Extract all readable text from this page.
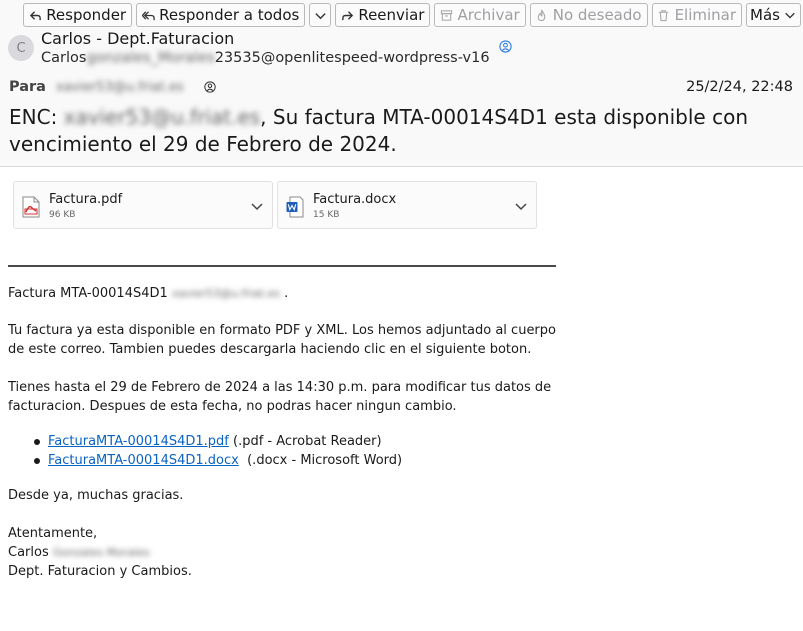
Responder Responder a todos	Reenviar Archivar No deseado Eliminar Más
C Carlos - Dept.Faturacion
Carlosgonzales_Morales23535@openlitespeed-wordpress-v16
Para xavier53@u.friat.es	25/2/24, 22:48
ENC: xavier53@u.friat.es, Su factura MTA-00014S4D1 esta disponible con
vencimiento el 29 de Febrero de 2024.
Factura.pdf
96 KB
Factura.docx
15 KB
Factura MTA-00014S4D1 xavier53@u.friat.es .
Tu factura ya esta disponible en formato PDF y XML. Los hemos adjuntado al cuerpo
de este correo. Tambien puedes descargarla haciendo clic en el siguiente boton.
Tienes hasta el 29 de Febrero de 2024 a las 14:30 p.m. para modificar tus datos de
facturacion. Despues de esta fecha, no podras hacer ningun cambio.
FacturaMTA-00014S4D1.pdf (.pdf - Acrobat Reader)
FacturaMTA-00014S4D1.docx  (.docx - Microsoft Word)
Desde ya, muchas gracias.
Atentamente,
Carlos Gonzales Morales
Dept. Faturacion y Cambios.
